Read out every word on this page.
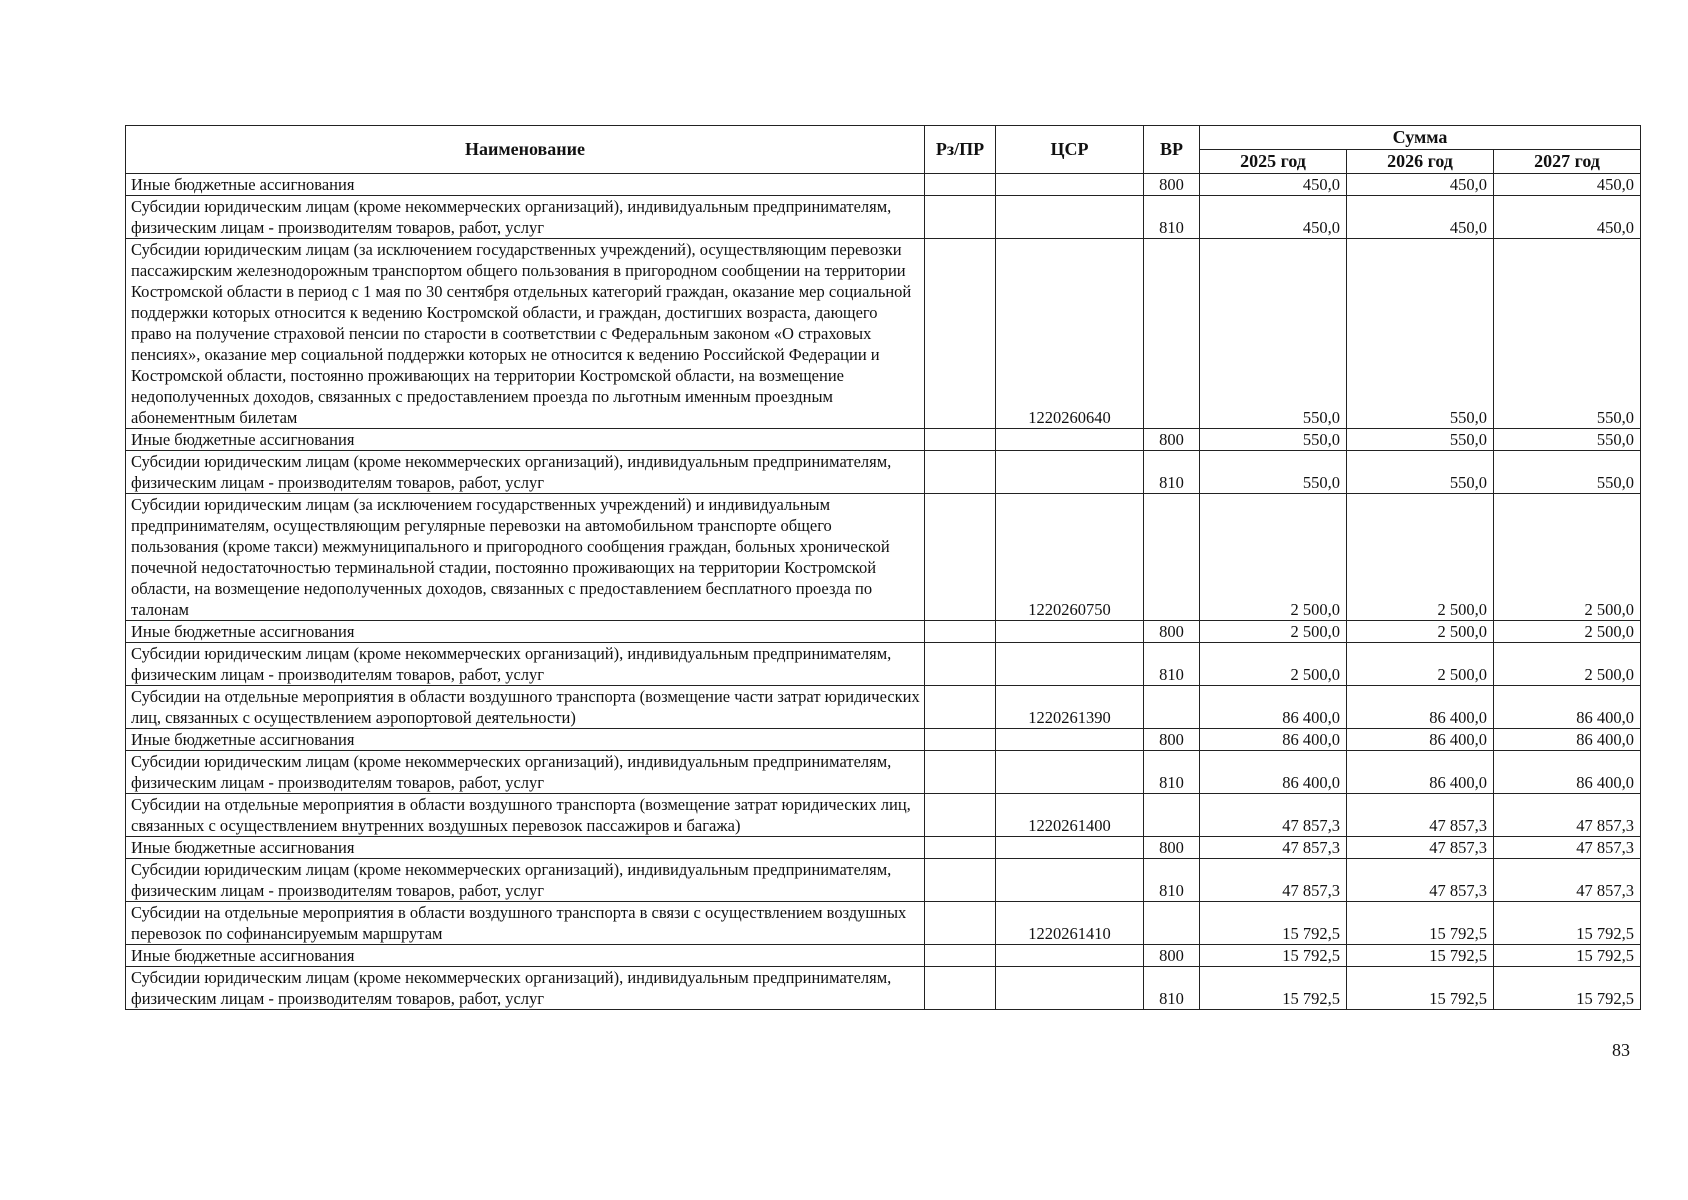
Наименование	Рз/ПР	ЦСР	ВР	Сумма		
				2025 год	2026 год	2027 год
Иные бюджетные ассигнования			800	450,0	450,0	450,0
Субсидии юридическим лицам (кроме некоммерческих организаций), индивидуальным предпринимателям, физическим лицам - производителям товаров, работ, услуг			810	450,0	450,0	450,0
Субсидии юридическим лицам (за исключением государственных учреждений), осуществляющим перевозки пассажирским железнодорожным транспортом общего пользования в пригородном сообщении на территории Костромской области в период с 1 мая по 30 сентября отдельных категорий граждан, оказание мер социальной поддержки которых относится к ведению Костромской области, и граждан, достигших возраста, дающего право на получение страховой пенсии по старости в соответствии с Федеральным законом «О страховых пенсиях», оказание мер социальной поддержки которых не относится к ведению Российской Федерации и Костромской области, постоянно проживающих на территории Костромской области, на возмещение недополученных доходов, связанных с предоставлением проезда по льготным именным проездным абонементным билетам		1220260640		550,0	550,0	550,0
Иные бюджетные ассигнования			800	550,0	550,0	550,0
Субсидии юридическим лицам (кроме некоммерческих организаций), индивидуальным предпринимателям, физическим лицам - производителям товаров, работ, услуг			810	550,0	550,0	550,0
Субсидии юридическим лицам (за исключением государственных учреждений) и индивидуальным предпринимателям, осуществляющим регулярные перевозки на автомобильном транспорте общего пользования (кроме такси) межмуниципального и пригородного сообщения граждан, больных хронической почечной недостаточностью терминальной стадии, постоянно проживающих на территории Костромской области, на возмещение недополученных доходов, связанных с предоставлением бесплатного проезда по талонам		1220260750		2 500,0	2 500,0	2 500,0
Иные бюджетные ассигнования			800	2 500,0	2 500,0	2 500,0
Субсидии юридическим лицам (кроме некоммерческих организаций), индивидуальным предпринимателям, физическим лицам - производителям товаров, работ, услуг			810	2 500,0	2 500,0	2 500,0
Субсидии на отдельные мероприятия в области воздушного транспорта (возмещение части затрат юридических лиц, связанных с осуществлением аэропортовой деятельности)		1220261390		86 400,0	86 400,0	86 400,0
Иные бюджетные ассигнования			800	86 400,0	86 400,0	86 400,0
Субсидии юридическим лицам (кроме некоммерческих организаций), индивидуальным предпринимателям, физическим лицам - производителям товаров, работ, услуг			810	86 400,0	86 400,0	86 400,0
Субсидии на отдельные мероприятия в области воздушного транспорта (возмещение затрат юридических лиц, связанных с осуществлением внутренних воздушных перевозок пассажиров и багажа)		1220261400		47 857,3	47 857,3	47 857,3
Иные бюджетные ассигнования			800	47 857,3	47 857,3	47 857,3
Субсидии юридическим лицам (кроме некоммерческих организаций), индивидуальным предпринимателям, физическим лицам - производителям товаров, работ, услуг			810	47 857,3	47 857,3	47 857,3
Субсидии на отдельные мероприятия в области воздушного транспорта в связи с осуществлением воздушных перевозок по софинансируемым маршрутам		1220261410		15 792,5	15 792,5	15 792,5
Иные бюджетные ассигнования			800	15 792,5	15 792,5	15 792,5
Субсидии юридическим лицам (кроме некоммерческих организаций), индивидуальным предпринимателям, физическим лицам - производителям товаров, работ, услуг			810	15 792,5	15 792,5	15 792,5
83
